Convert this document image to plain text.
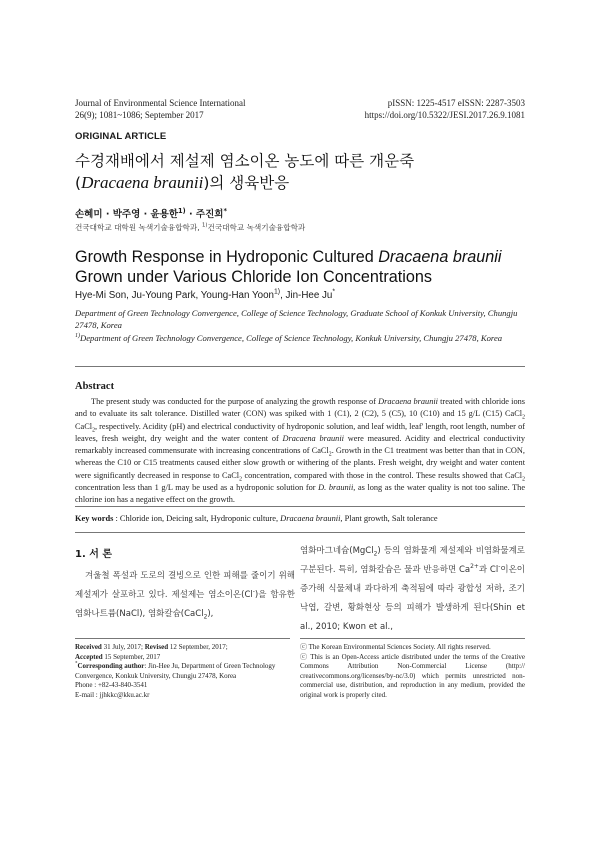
Journal of Environmental Science International
26(9); 1081~1086; September 2017
pISSN: 1225-4517 eISSN: 2287-3503
https://doi.org/10.5322/JESI.2017.26.9.1081
ORIGINAL ARTICLE
수경재배에서 제설제 염소이온 농도에 따른 개운죽
(Dracaena braunii)의 생육반응
손혜미 · 박주영 · 윤용한$^{1)}$ · 주진희*
건국대학교 대학원 녹색기술융합학과, $^{1)}$건국대학교 녹색기술융합학과
Growth Response in Hydroponic Cultured Dracaena braunii Grown under Various Chloride Ion Concentrations
Hye-Mi Son, Ju-Young Park, Young-Han Yoon$^{1)}$, Jin-Hee Ju*
Department of Green Technology Convergence, College of Science Technology, Graduate School of Konkuk University, Chungju 27478, Korea
$^{1)}$Department of Green Technology Convergence, College of Science Technology, Konkuk University, Chungju 27478, Korea
Abstract
The present study was conducted for the purpose of analyzing the growth response of Dracaena braunii treated with chloride ions and to evaluate its salt tolerance. Distilled water (CON) was spiked with 1 (C1), 2 (C2), 5 (C5), 10 (C10) and 15 g/L (C15) CaCl$_2$ CaCl$_2$, respectively. Acidity (pH) and electrical conductivity of hydroponic solution, and leaf width, leaf' length, root length, number of leaves, fresh weight, dry weight and the water content of Dracaena braunii were measured. Acidity and electrical conductivity remarkably increased commensurate with increasing concentrations of CaCl$_2$. Growth in the C1 treatment was better than that in CON, whereas the C10 or C15 treatments caused either slow growth or withering of the plants. Fresh weight, dry weight and water content were significantly decreased in response to CaCl$_2$ concentration, compared with those in the control. These results showed that CaCl$_2$ concentration less than 1 g/L may be used as a hydroponic solution for D. braunii, as long as the water quality is not too saline. The chlorine ion has a negative effect on the growth.
Key words : Chloride ion, Deicing salt, Hydroponic culture, Dracaena braunii, Plant growth, Salt tolerance
1. 서 론
겨울철 폭설과 도로의 결빙으로 인한 피해를 줄이기 위해 제설제가 살포하고 있다. 제설제는 염소이온(Cl-)을 함유한 염화나트륨(NaCl), 염화칼슘(CaCl$_2$),
염화마그네슘(MgCl$_2$) 등의 염화물계 제설제와 비염화물계로 구분된다. 특히, 염화칼슘은 물과 반응하면 $Ca^{2+}$과 Cl-이온이 증가해 식물체내 과다하게 축적됨에 따라 광합성 저하, 조기낙엽, 갈변, 황화현상 등의 피해가 발생하게 된다(Shin et al., 2010; Kwon et al.,
Received 31 July, 2017; Revised 12 September, 2017;
Accepted 15 September, 2017
*Corresponding author: Jin-Hee Ju, Department of Green Technology Convergence, Konkuk University, Chungju 27478, Korea
Phone : +82-43-840-3541
E-mail : jjhkkc@kku.ac.kr
ⓒ The Korean Environmental Sciences Society. All rights reserved.
ⓒ This is an Open-Access article distributed under the terms of the Creative Commons Attribution Non-Commercial License (http:// creativecommons.org/licenses/by-nc/3.0) which permits unrestricted non-commercial use, distribution, and reproduction in any medium, provided the original work is properly cited.
